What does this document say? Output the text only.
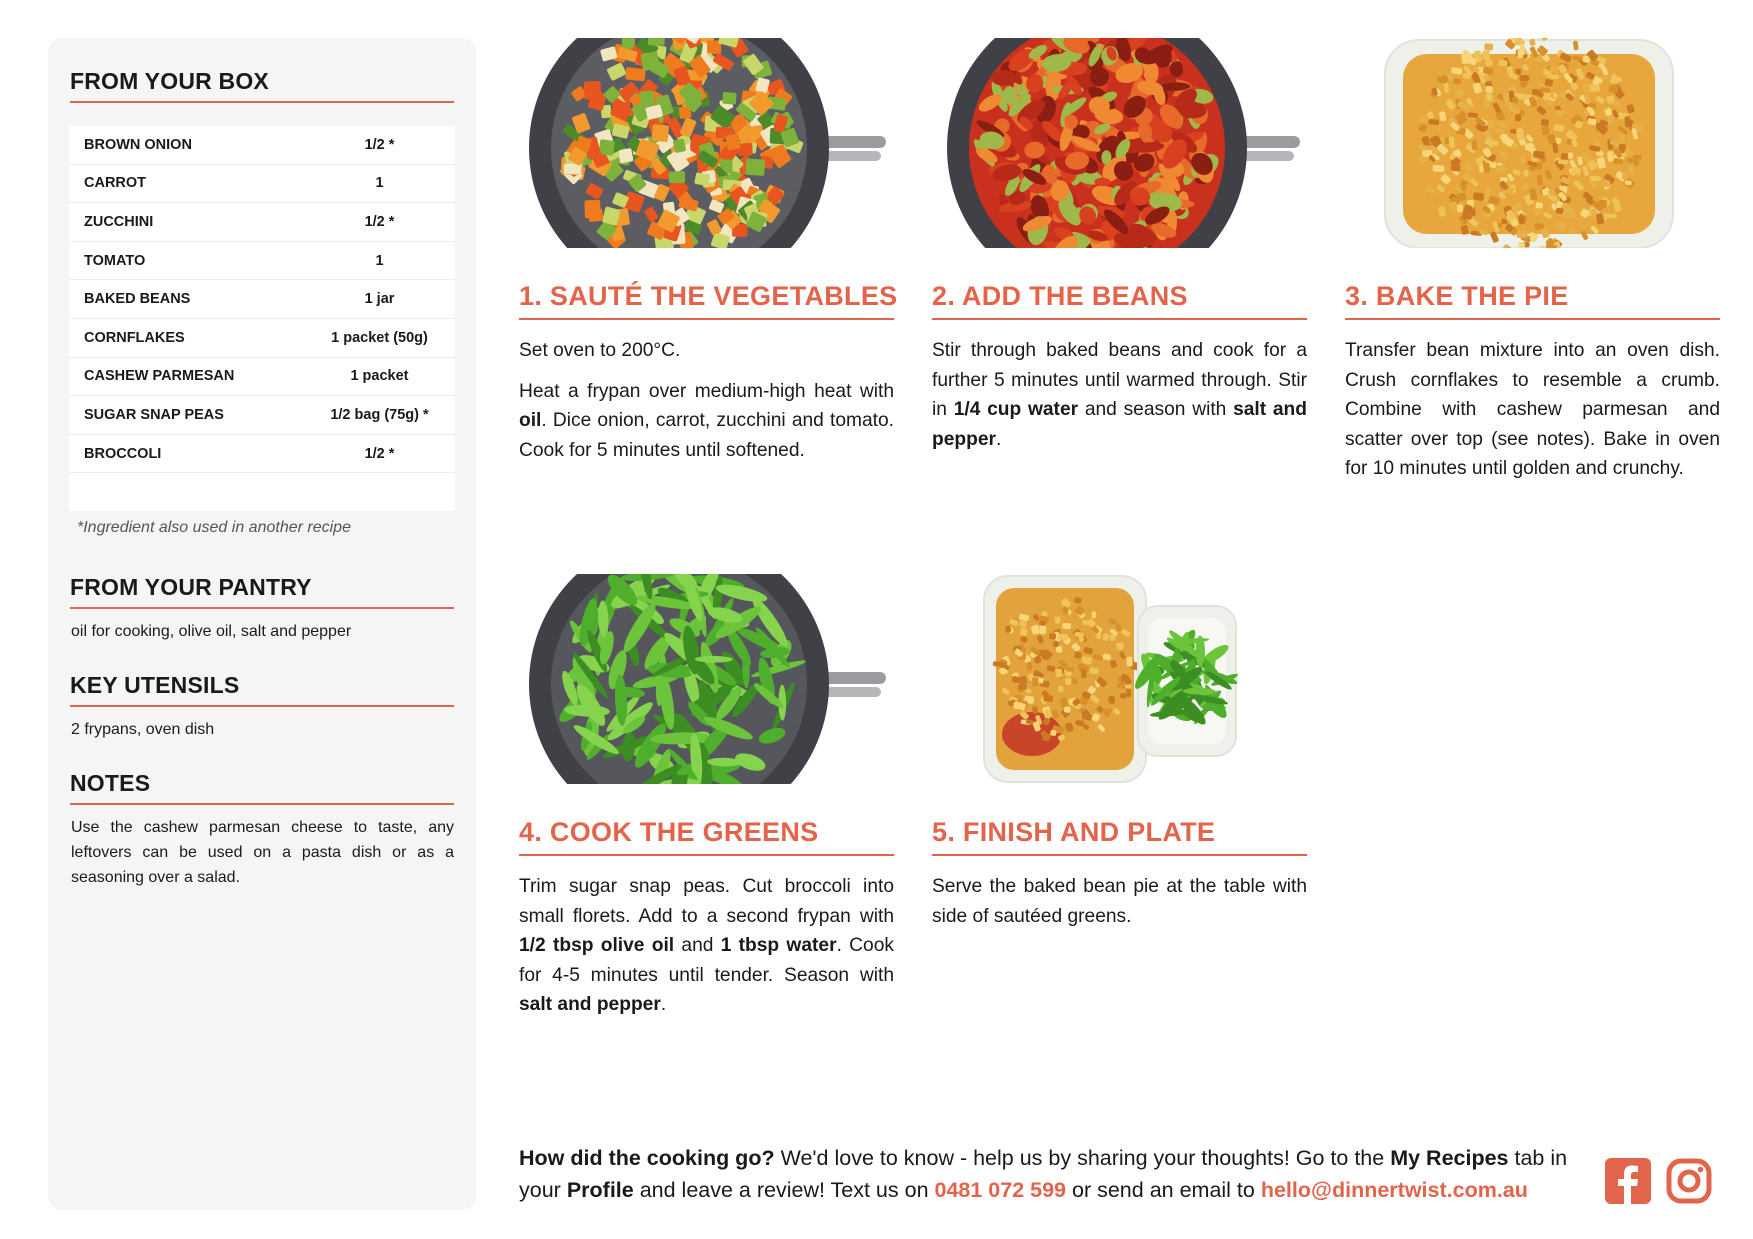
FROM YOUR BOX
BROWN ONION	1/2 *
CARROT	1
ZUCCHINI	1/2 *
TOMATO	1
BAKED BEANS	1 jar
CORNFLAKES	1 packet (50g)
CASHEW PARMESAN	1 packet
SUGAR SNAP PEAS	1/2 bag (75g) *
BROCCOLI	1/2 *

*Ingredient also used in another recipe
FROM YOUR PANTRY

oil for cooking, olive oil, salt and pepper

KEY UTENSILS

2 frypans, oven dish

NOTES

Use the cashew parmesan cheese to taste, any leftovers can be used on a pasta dish or as a seasoning over a salad.

1. SAUTÉ THE VEGETABLES

Set oven to 200°C.

Heat a frypan over medium-high heat with oil. Dice onion, carrot, zucchini and tomato. Cook for 5 minutes until softened.

2. ADD THE BEANS

Stir through baked beans and cook for a further 5 minutes until warmed through. Stir in 1/4 cup water and season with salt and pepper.

3. BAKE THE PIE

Transfer bean mixture into an oven dish. Crush cornflakes to resemble a crumb. Combine with cashew parmesan and scatter over top (see notes). Bake in oven for 10 minutes until golden and crunchy.

4. COOK THE GREENS

Trim sugar snap peas. Cut broccoli into small florets. Add to a second frypan with 1/2 tbsp olive oil and 1 tbsp water. Cook for 4-5 minutes until tender. Season with salt and pepper.

5. FINISH AND PLATE

Serve the baked bean pie at the table with side of sautéed greens.

How did the cooking go? We'd love to know - help us by sharing your thoughts! Go to the My Recipes tab in your Profile and leave a review! Text us on 0481 072 599 or send an email to hello@dinnertwist.com.au
